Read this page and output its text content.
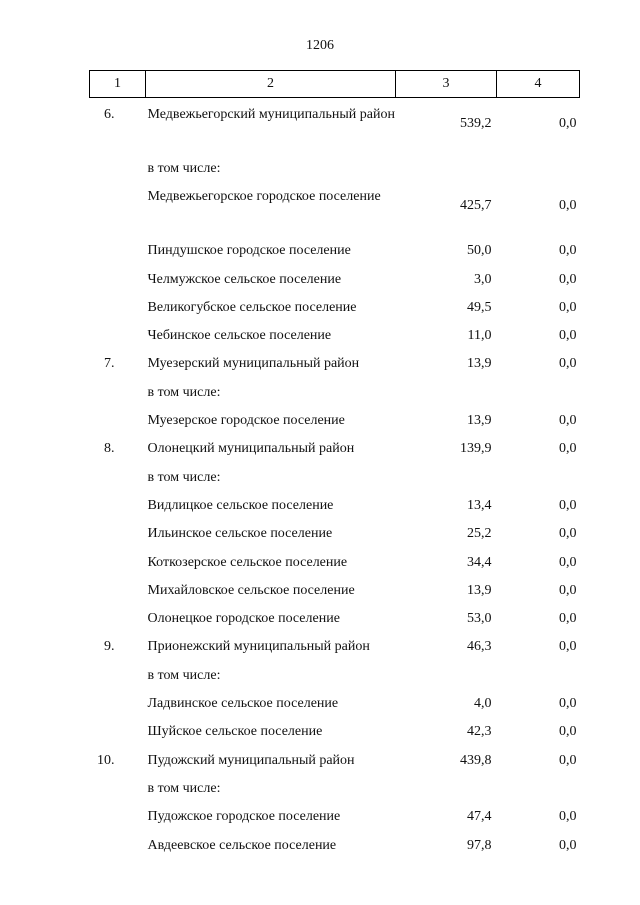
1206
1	2	3	4
6.	Медвежьегорский муниципальный район	539,2	0,0
	в том числе:		
	Медвежьегорское городское поселение	425,7	0,0
	Пиндушское городское поселение	50,0	0,0
	Челмужское сельское поселение	3,0	0,0
	Великогубское сельское поселение	49,5	0,0
	Чебинское сельское поселение	11,0	0,0
7.	Муезерский муниципальный район	13,9	0,0
	в том числе:		
	Муезерское городское поселение	13,9	0,0
8.	Олонецкий муниципальный район	139,9	0,0
	в том числе:		
	Видлицкое сельское поселение	13,4	0,0
	Ильинское сельское поселение	25,2	0,0
	Коткозерское сельское поселение	34,4	0,0
	Михайловское сельское поселение	13,9	0,0
	Олонецкое городское поселение	53,0	0,0
9.	Прионежский муниципальный район	46,3	0,0
	в том числе:		
	Ладвинское сельское поселение	4,0	0,0
	Шуйское сельское поселение	42,3	0,0
10.	Пудожский муниципальный район	439,8	0,0
	в том числе:		
	Пудожское городское поселение	47,4	0,0
	Авдеевское сельское поселение	97,8	0,0
